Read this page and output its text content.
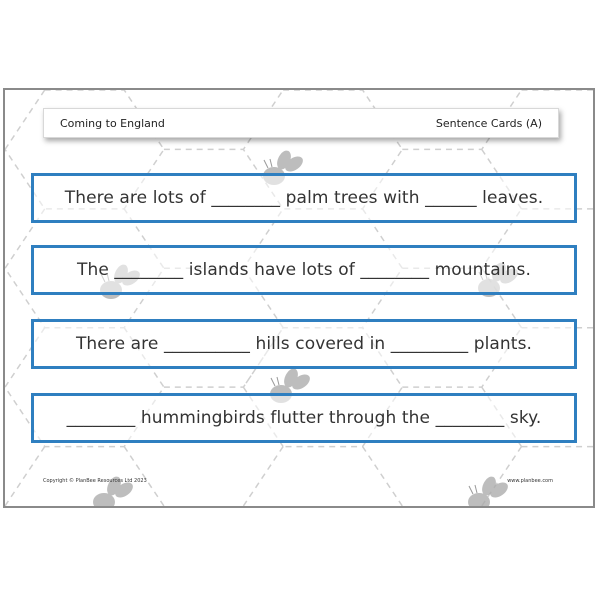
Coming to England	Sentence Cards (A)
There are lots of ________ palm trees with ______ leaves.
The ________ islands have lots of ________ mountains.
There are __________ hills covered in _________ plants.
________ hummingbirds flutter through the ________ sky.
Copyright © PlanBee Resources Ltd 2023	www.planbee.com
